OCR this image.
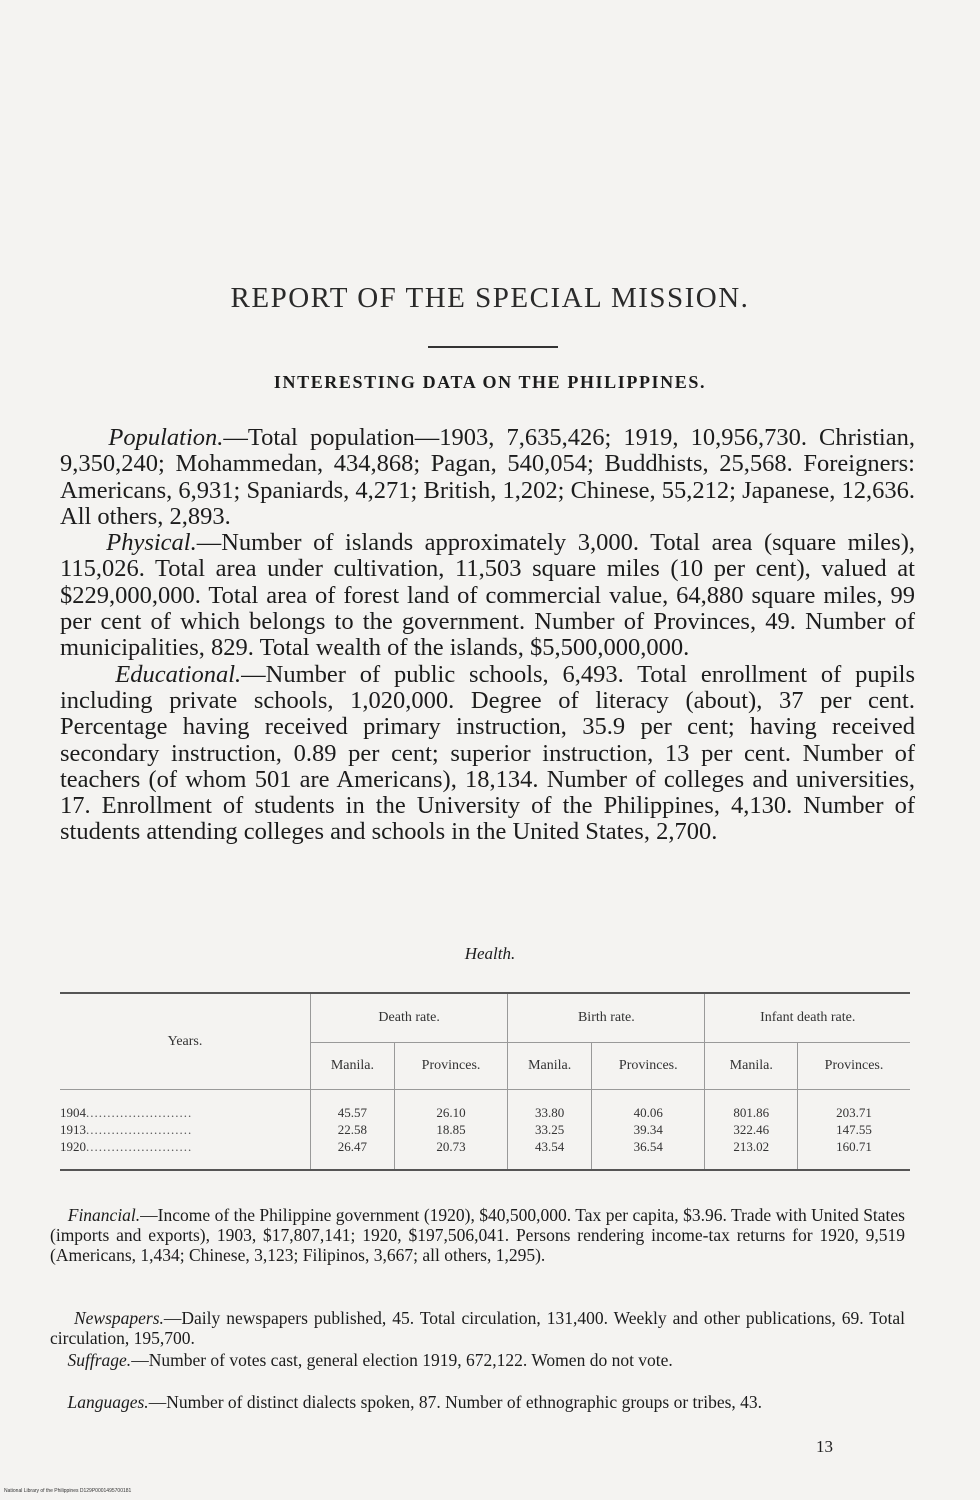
REPORT OF THE SPECIAL MISSION.
INTERESTING DATA ON THE PHILIPPINES.

Population.—Total population—1903, 7,635,426; 1919, 10,956,730. Christian, 9,350,240; Mohammedan, 434,868; Pagan, 540,054; Buddhists, 25,568. Foreigners: Americans, 6,931; Spaniards, 4,271; British, 1,202; Chinese, 55,212; Japanese, 12,636. All others, 2,893.
Physical.—Number of islands approximately 3,000. Total area (square miles), 115,026. Total area under cultivation, 11,503 square miles (10 per cent), valued at $229,000,000. Total area of forest land of commercial value, 64,880 square miles, 99 per cent of which belongs to the government. Number of Provinces, 49. Number of municipalities, 829. Total wealth of the islands, $5,500,000,000.
Educational.—Number of public schools, 6,493. Total enrollment of pupils including private schools, 1,020,000. Degree of literacy (about), 37 per cent. Percentage having received primary instruction, 35.9 per cent; having received secondary instruction, 0.89 per cent; superior instruction, 13 per cent. Number of teachers (of whom 501 are Americans), 18,134. Number of colleges and universities, 17. Enrollment of students in the University of the Philippines, 4,130. Number of students attending colleges and schools in the United States, 2,700.

Health.
Years.	Death rate.		Birth rate.		Infant death rate.	
	Manila.	Provinces.	Manila.	Provinces.	Manila.	Provinces.
1904.........................	45.57	26.10	33.80	40.06	801.86	203.71
1913.........................	22.58	18.85	33.25	39.34	322.46	147.55
1920.........................	26.47	20.73	43.54	36.54	213.02	160.71

Financial.—Income of the Philippine government (1920), $40,500,000. Tax per capita, $3.96. Trade with United States (imports and exports), 1903, $17,807,141; 1920, $197,506,041. Persons rendering income-tax returns for 1920, 9,519 (Americans, 1,434; Chinese, 3,123; Filipinos, 3,667; all others, 1,295).

Newspapers.—Daily newspapers published, 45. Total circulation, 131,400. Weekly and other publications, 69. Total circulation, 195,700.

Suffrage.—Number of votes cast, general election 1919, 672,122. Women do not vote.

Languages.—Number of distinct dialects spoken, 87. Number of ethnographic groups or tribes, 43.

13
National Library of the Philippines D129P0001495700181
